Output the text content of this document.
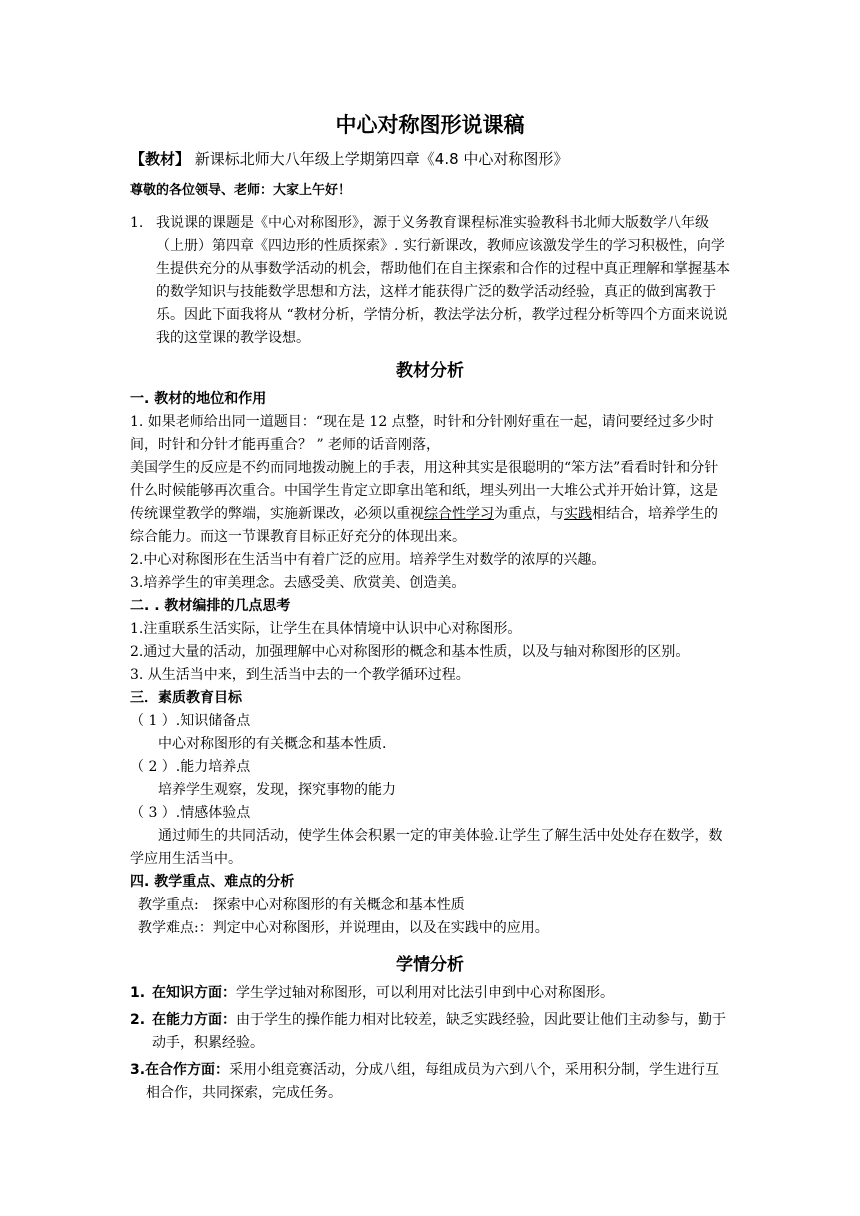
中心对称图形说课稿

【教材】 新课标北师大八年级上学期第四章《4.8 中心对称图形》

尊敬的各位领导、老师：大家上午好！

1. 我说课的课题是《中心对称图形》，源于义务教育课程标准实验教科书北师大版数学八年级（上册）第四章《四边形的性质探索》. 实行新课改，教师应该激发学生的学习积极性，向学生提供充分的从事数学活动的机会，帮助他们在自主探索和合作的过程中真正理解和掌握基本的数学知识与技能数学思想和方法，这样才能获得广泛的数学活动经验，真正的做到寓教于乐。因此下面我将从 “教材分析，学情分析，教法学法分析，教学过程分析等四个方面来说说我的这堂课的教学设想。
教材分析
一. 教材的地位和作用

1. 如果老师给出同一道题目：“现在是 12 点整，时针和分针刚好重在一起，请问要经过多少时间，时针和分针才能再重合？ ” 老师的话音刚落，

美国学生的反应是不约而同地拨动腕上的手表，用这种其实是很聪明的“笨方法”看看时针和分针什么时候能够再次重合。中国学生肯定立即拿出笔和纸，埋头列出一大堆公式并开始计算，这是传统课堂教学的弊端，实施新课改，必须以重视综合性学习为重点，与实践相结合，培养学生的综合能力。而这一节课教育目标正好充分的体现出来。

2.中心对称图形在生活当中有着广泛的应用。培养学生对数学的浓厚的兴趣。

3.培养学生的审美理念。去感受美、欣赏美、创造美。

二. . 教材编排的几点思考

1.注重联系生活实际，让学生在具体情境中认识中心对称图形。

2.通过大量的活动，加强理解中心对称图形的概念和基本性质，以及与轴对称图形的区别。

3. 从生活当中来，到生活当中去的一个教学循环过程。

三．素质教育目标

（ 1 ）.知识储备点

中心对称图形的有关概念和基本性质.

（ 2 ）.能力培养点

培养学生观察，发现，探究事物的能力

（ 3 ）.情感体验点

通过师生的共同活动，使学生体会积累一定的审美体验.让学生了解生活中处处存在数学，数学应用生活当中。

四. 教学重点、难点的分析

教学重点:　探索中心对称图形的有关概念和基本性质

教学难点:：判定中心对称图形，并说理由，以及在实践中的应用。

学情分析
1. 在知识方面：学生学过轴对称图形，可以利用对比法引申到中心对称图形。
2. 在能力方面：由于学生的操作能力相对比较差，缺乏实践经验，因此要让他们主动参与，勤于动手，积累经验。

3.在合作方面：采用小组竞赛活动，分成八组，每组成员为六到八个，采用积分制，学生进行互相合作，共同探索，完成任务。
